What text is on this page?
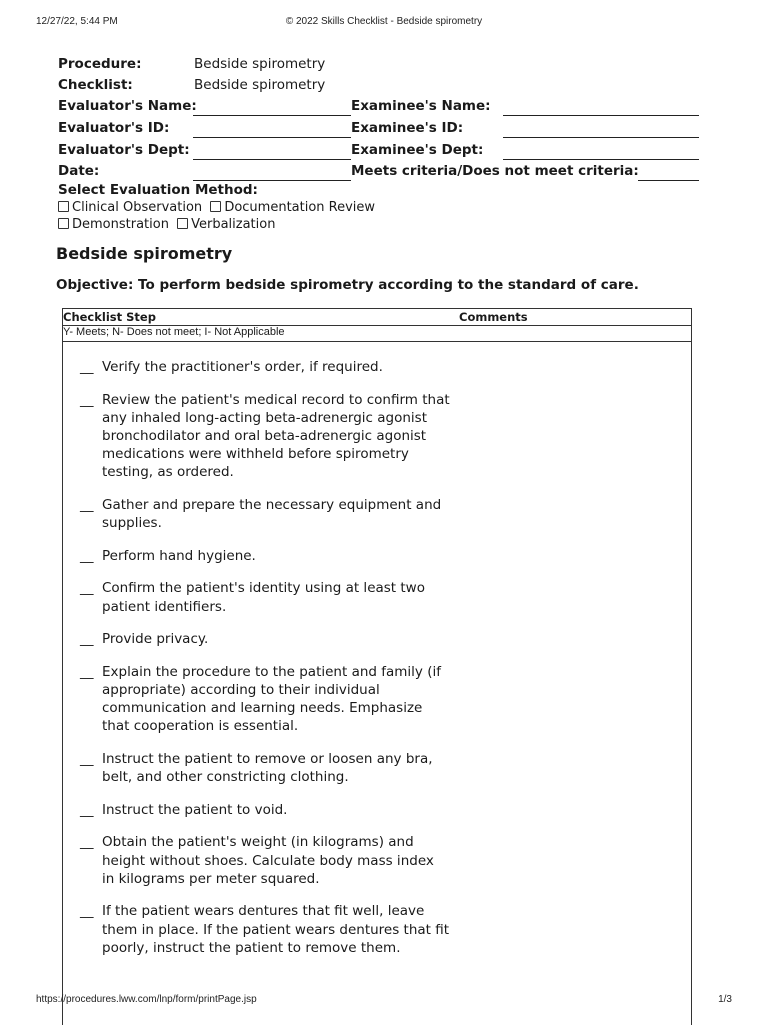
12/27/22, 5:44 PM	© 2022 Skills Checklist - Bedside spirometry
Procedure:	Bedside spirometry
Checklist:	Bedside spirometry
Evaluator's Name:	Examinee's Name:
Evaluator's ID:	Examinee's ID:
Evaluator's Dept:	Examinee's Dept:
Date:	Meets criteria/Does not meet criteria:
Select Evaluation Method:
Clinical Observation Documentation Review
Demonstration Verbalization
Bedside spirometry
Objective: To perform bedside spirometry according to the standard of care.
Checklist Step	Comments
Y- Meets; N- Does not meet; I- Not Applicable
__ Verify the practitioner's order, if required.
__ Review the patient's medical record to confirm that any inhaled long-acting beta-adrenergic agonist bronchodilator and oral beta-adrenergic agonist medications were withheld before spirometry testing, as ordered.
__ Gather and prepare the necessary equipment and supplies.
__ Perform hand hygiene.
__ Confirm the patient's identity using at least two patient identifiers.
__ Provide privacy.
__ Explain the procedure to the patient and family (if appropriate) according to their individual communication and learning needs. Emphasize that cooperation is essential.
__ Instruct the patient to remove or loosen any bra, belt, and other constricting clothing.
__ Instruct the patient to void.
__ Obtain the patient's weight (in kilograms) and height without shoes. Calculate body mass index in kilograms per meter squared.
__ If the patient wears dentures that fit well, leave them in place. If the patient wears dentures that fit poorly, instruct the patient to remove them.
https://procedures.lww.com/lnp/form/printPage.jsp	1/3
